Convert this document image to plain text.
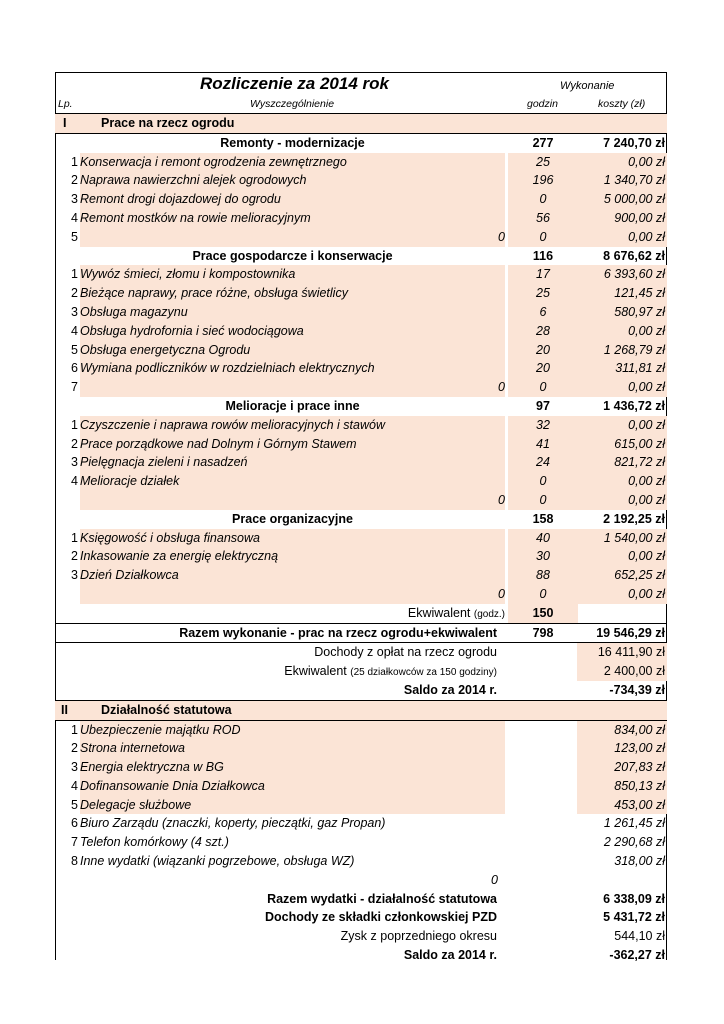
Rozliczenie za 2014 rok	Wykonanie
Lp.	Wyszczególnienie	godzin	koszty (zł)
I	Prace na rzecz ogrodu
Remonty - modernizacje	277	7 240,70 zł
1 Konserwacja i remont ogrodzenia zewnętrznego	25	0,00 zł
2 Naprawa nawierzchni alejek ogrodowych	196	1 340,70 zł
3 Remont drogi dojazdowej do ogrodu	0	5 000,00 zł
4 Remont mostków na rowie melioracyjnym	56	900,00 zł
5	0	0	0,00 zł
Prace gospodarcze i konserwacje	116	8 676,62 zł
1 Wywóz śmieci, złomu i kompostownika	17	6 393,60 zł
2 Bieżące naprawy, prace różne, obsługa świetlicy	25	121,45 zł
3 Obsługa magazynu	6	580,97 zł
4 Obsługa hydrofornia i sieć wodociągowa	28	0,00 zł
5 Obsługa energetyczna Ogrodu	20	1 268,79 zł
6 Wymiana podliczników w rozdzielniach elektrycznych	20	311,81 zł
7	0	0	0,00 zł
Melioracje i prace inne	97	1 436,72 zł
1 Czyszczenie i naprawa rowów melioracyjnych i stawów	32	0,00 zł
2 Prace porządkowe nad Dolnym i Górnym Stawem	41	615,00 zł
3 Pielęgnacja zieleni i nasadzeń	24	821,72 zł
4 Melioracje działek	0	0,00 zł
0	0	0,00 zł
Prace organizacyjne	158	2 192,25 zł
1 Księgowość i obsługa finansowa	40	1 540,00 zł
2 Inkasowanie za energię elektryczną	30	0,00 zł
3 Dzień Działkowca	88	652,25 zł
0	0	0,00 zł
Ekwiwalent (godz.)	150
Razem wykonanie - prac na rzecz ogrodu+ekwiwalent	798	19 546,29 zł
Dochody z opłat na rzecz ogrodu	16 411,90 zł
Ekwiwalent (25 działkowców za 150 godziny)	2 400,00 zł
Saldo za 2014 r.	-734,39 zł
II	Działalność statutowa
1 Ubezpieczenie majątku ROD	834,00 zł
2 Strona internetowa	123,00 zł
3 Energia elektryczna w BG	207,83 zł
4 Dofinansowanie Dnia Działkowca	850,13 zł
5 Delegacje służbowe	453,00 zł
6 Biuro Zarządu (znaczki, koperty, pieczątki, gaz Propan)	1 261,45 zł
7 Telefon komórkowy (4 szt.)	2 290,68 zł
8 Inne wydatki (wiązanki pogrzebowe, obsługa WZ)	318,00 zł
0
Razem wydatki - działalność statutowa	6 338,09 zł
Dochody ze składki członkowskiej PZD	5 431,72 zł
Zysk z poprzedniego okresu	544,10 zł
Saldo za 2014 r.	-362,27 zł
